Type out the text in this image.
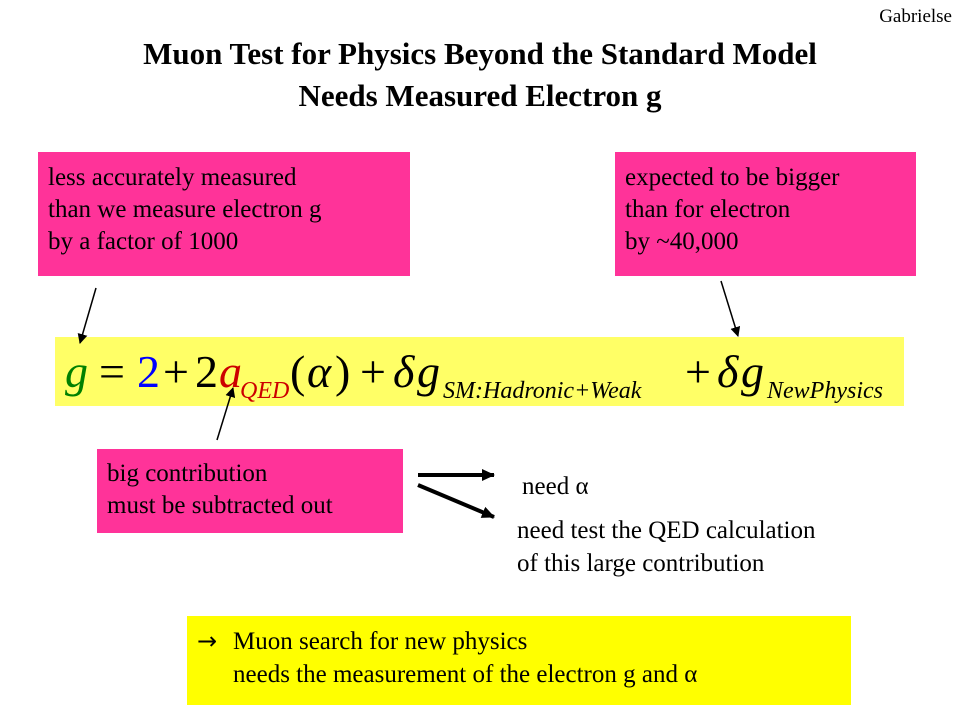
Gabrielse
Muon Test for Physics Beyond the Standard Model
Needs Measured Electron g
less accurately measured
than we measure electron g
by a factor of 1000
expected to be bigger
than for electron
by ~40,000
g = 2 + 2 a
QED ( α ) + δ g SM:Hadronic+Weak + δ g NewPhysics
big contribution
must be subtracted out
need α
need test the QED calculation
of this large contribution
→ Muon search for new physics
needs the measurement of the electron g and α
